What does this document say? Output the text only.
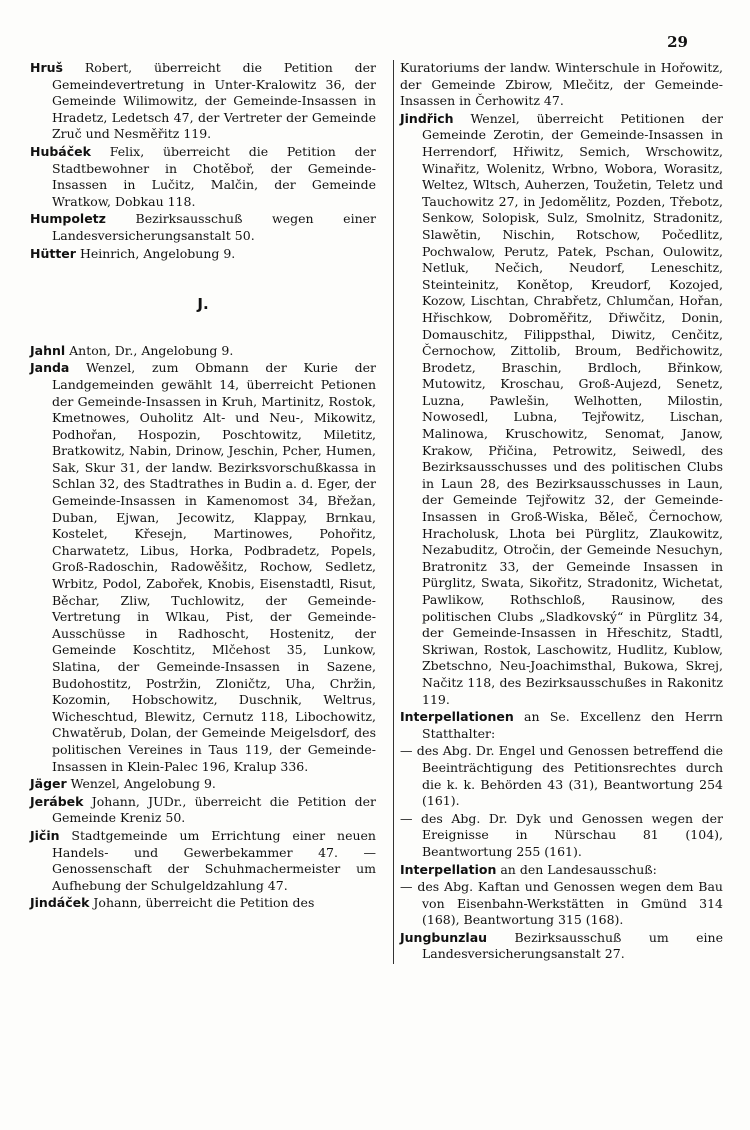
29

Hruš Robert, überreicht die Petition der Gemeindevertretung in Unter-Kralowitz 36, der Gemeinde Wilimowitz, der Gemeinde-Insassen in Hradetz, Ledetsch 47, der Vertreter der Gemeinde Zruč und Nesměřitz 119.

Hubáček Felix, überreicht die Petition der Stadtbewohner in Chotěboř, der Gemeinde-Insassen in Lučitz, Malčin, der Gemeinde Wratkow, Dobkau 118.

Humpoletz Bezirksausschuß wegen einer Landesversicherungsanstalt 50.

Hütter Heinrich, Angelobung 9.

J.

Jahnl Anton, Dr., Angelobung 9.

Janda Wenzel, zum Obmann der Kurie der Landgemeinden gewählt 14, überreicht Petionen der Gemeinde-Insassen in Kruh, Martinitz, Rostok, Kmetnowes, Ouholitz Alt- und Neu-, Mikowitz, Podhořan, Hospozin, Poschtowitz, Miletitz, Bratkowitz, Nabin, Drinow, Jeschin, Pcher, Humen, Sak, Skur 31, der landw. Bezirksvorschußkassa in Schlan 32, des Stadtrathes in Budin a. d. Eger, der Gemeinde-Insassen in Kamenomost 34, Břežan, Duban, Ejwan, Jecowitz, Klappay, Brnkau, Kostelet, Křesejn, Martinowes, Pohořitz, Charwatetz, Libus, Horka, Podbradetz, Popels, Groß-Radoschin, Radowěšitz, Rochow, Sedletz, Wrbitz, Podol, Zabořek, Knobis, Eisenstadtl, Risut, Běchar, Zliw, Tuchlowitz, der Gemeinde-Vertretung in Wlkau, Pist, der Gemeinde-Ausschüsse in Radhoscht, Hostenitz, der Gemeinde Koschtitz, Mlčehost 35, Lunkow, Slatina, der Gemeinde-Insassen in Sazene, Budohostitz, Postržin, Zloničtz, Uha, Chržin, Kozomin, Hobschowitz, Duschnik, Weltrus, Wicheschtud, Blewitz, Cernutz 118, Libochowitz, Chwatěrub, Dolan, der Gemeinde Meigelsdorf, des politischen Vereines in Taus 119, der Gemeinde-Insassen in Klein-Palec 196, Kralup 336.

Jäger Wenzel, Angelobung 9.

Jerábek Johann, JUDr., überreicht die Petition der Gemeinde Kreniz 50.

Jičin Stadtgemeinde um Errichtung einer neuen Handels- und Gewerbekammer 47. — Genossenschaft der Schuhmachermeister um Aufhebung der Schulgeldzahlung 47.

Jindáček Johann, überreicht die Petition des

Kuratoriums der landw. Winterschule in Hořowitz, der Gemeinde Zbirow, Mlečitz, der Gemeinde-Insassen in Čerhowitz 47.

Jindřich Wenzel, überreicht Petitionen der Gemeinde Zerotin, der Gemeinde-Insassen in Herrendorf, Hřiwitz, Semich, Wrschowitz, Winařitz, Wolenitz, Wrbno, Wobora, Worasitz, Weltez, Wltsch, Auherzen, Toužetin, Teletz und Tauchowitz 27, in Jedomělitz, Pozden, Třebotz, Senkow, Solopisk, Sulz, Smolnitz, Stradonitz, Slawětin, Nischin, Rotschow, Počedlitz, Pochwalow, Perutz, Patek, Pschan, Oulowitz, Netluk, Nečich, Neudorf, Leneschitz, Steinteinitz, Konětop, Kreudorf, Kozojed, Kozow, Lischtan, Chrabřetz, Chlumčan, Hořan, Hřischkow, Dobroměřitz, Dřiwčitz, Donin, Domauschitz, Filippsthal, Diwitz, Cenčitz, Černochow, Zittolib, Broum, Bedřichowitz, Brodetz, Braschin, Brdloch, Břinkow, Mutowitz, Kroschau, Groß-Aujezd, Senetz, Luzna, Pawlešin, Welhotten, Milostin, Nowosedl, Lubna, Tejřowitz, Lischan, Malinowa, Kruschowitz, Senomat, Janow, Krakow, Přičina, Petrowitz, Seiwedl, des Bezirksausschusses und des politischen Clubs in Laun 28, des Bezirksausschusses in Laun, der Gemeinde Tejřowitz 32, der Gemeinde-Insassen in Groß-Wiska, Běleč, Černochow, Hracholusk, Lhota bei Pürglitz, Zlaukowitz, Nezabuditz, Otročin, der Gemeinde Nesuchyn, Bratronitz 33, der Gemeinde Insassen in Pürglitz, Swata, Sikořitz, Stradonitz, Wichetat, Pawlikow, Rothschloß, Rausinow, des politischen Clubs „Sladkovský“ in Pürglitz 34, der Gemeinde-Insassen in Hřeschitz, Stadtl, Skriwan, Rostok, Laschowitz, Hudlitz, Kublow, Zbetschno, Neu-Joachimsthal, Bukowa, Skrej, Načitz 118, des Bezirksausschußes in Rakonitz 119.

Interpellationen an Se. Excellenz den Herrn Statthalter:

— des Abg. Dr. Engel und Genossen betreffend die Beeinträchtigung des Petitionsrechtes durch die k. k. Behörden 43 (31), Beantwortung 254 (161).

— des Abg. Dr. Dyk und Genossen wegen der Ereignisse in Nürschau 81 (104), Beantwortung 255 (161).

Interpellation an den Landesausschuß:

— des Abg. Kaftan und Genossen wegen dem Bau von Eisenbahn-Werkstätten in Gmünd 314 (168), Beantwortung 315 (168).

Jungbunzlau Bezirksausschuß um eine Landesversicherungsanstalt 27.
